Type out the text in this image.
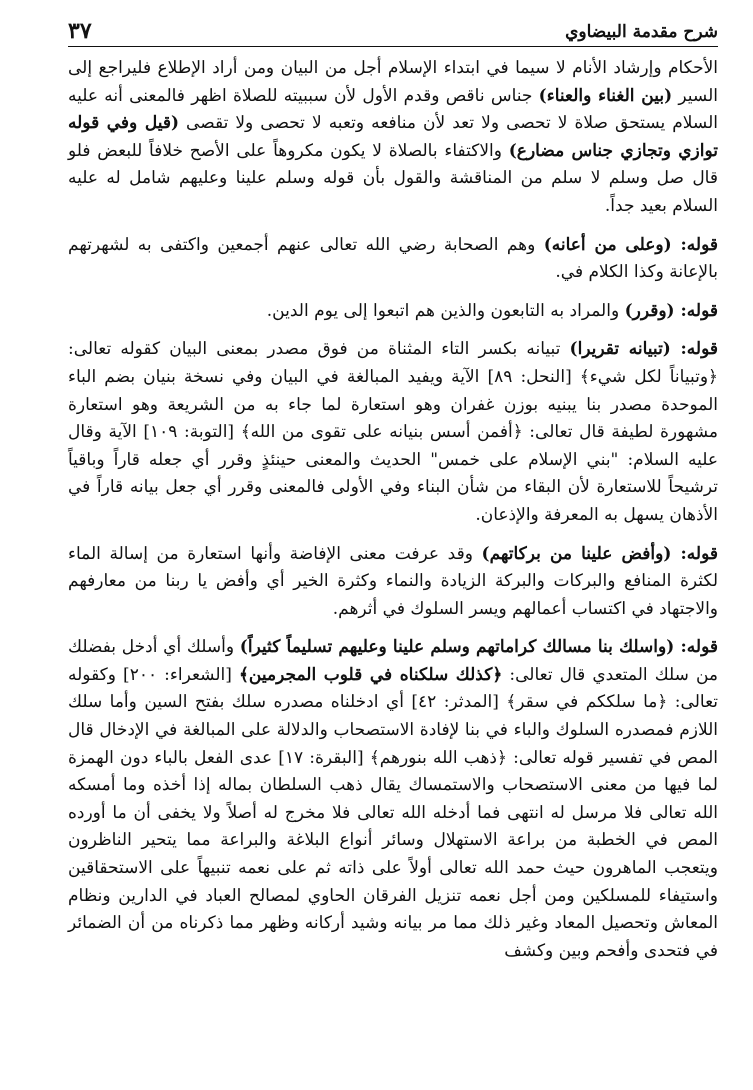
شرح مقدمة البيضاوي
٣٧

الأحكام وإرشاد الأنام لا سيما في ابتداء الإسلام أجل من البيان ومن أراد الإطلاع فليراجع إلى السير (بين الغناء والعناء) جناس ناقص وقدم الأول لأن سببيته للصلاة اظهر فالمعنى أنه عليه السلام يستحق صلاة لا تحصى ولا تعد لأن منافعه وتعبه لا تحصى ولا تقصى (قيل وفي قوله توازي وتجازي جناس مضارع) والاكتفاء بالصلاة لا يكون مكروهاً على الأصح خلافاً للبعض فلو قال صل وسلم لا سلم من المناقشة والقول بأن قوله وسلم علينا وعليهم شامل له عليه السلام بعيد جداً.

قوله: (وعلى من أعانه) وهم الصحابة رضي الله تعالى عنهم أجمعين واكتفى به لشهرتهم بالإعانة وكذا الكلام في.

قوله: (وقرر) والمراد به التابعون والذين هم اتبعوا إلى يوم الدين.

قوله: (تبيانه تقريرا) تبيانه بكسر التاء المثناة من فوق مصدر بمعنى البيان كقوله تعالى: ﴿وتبياناً لكل شيء﴾ [النحل: ٨٩] الآية ويفيد المبالغة في البيان وفي نسخة بنيان بضم الباء الموحدة مصدر بنا يبنيه بوزن غفران وهو استعارة لما جاء به من الشريعة وهو استعارة مشهورة لطيفة قال تعالى: ﴿أفمن أسس بنيانه على تقوى من الله﴾ [التوبة: ١٠٩] الآية وقال عليه السلام: "بني الإسلام على خمس" الحديث والمعنى حينئذٍ وقرر أي جعله قاراً وباقياً ترشيحاً للاستعارة لأن البقاء من شأن البناء وفي الأولى فالمعنى وقرر أي جعل بيانه قاراً في الأذهان يسهل به المعرفة والإذعان.

قوله: (وأفض علينا من بركاتهم) وقد عرفت معنى الإفاضة وأنها استعارة من إسالة الماء لكثرة المنافع والبركات والبركة الزيادة والنماء وكثرة الخير أي وأفض يا ربنا من معارفهم والاجتهاد في اكتساب أعمالهم ويسر السلوك في أثرهم.

قوله: (واسلك بنا مسالك كراماتهم وسلم علينا وعليهم تسليماً كثيراً) وأسلك أي أدخل بفضلك من سلك المتعدي قال تعالى: ﴿كذلك سلكناه في قلوب المجرمين﴾ [الشعراء: ٢٠٠] وكقوله تعالى: ﴿ما سلككم في سقر﴾ [المدثر: ٤٢] أي ادخلناه مصدره سلك بفتح السين وأما سلك اللازم فمصدره السلوك والباء في بنا لإفادة الاستصحاب والدلالة على المبالغة في الإدخال قال المص في تفسير قوله تعالى: ﴿ذهب الله بنورهم﴾ [البقرة: ١٧] عدى الفعل بالباء دون الهمزة لما فيها من معنى الاستصحاب والاستمساك يقال ذهب السلطان بماله إذا أخذه وما أمسكه الله تعالى فلا مرسل له انتهى فما أدخله الله تعالى فلا مخرج له أصلاً ولا يخفى أن ما أورده المص في الخطبة من براعة الاستهلال وسائر أنواع البلاغة والبراعة مما يتحير الناظرون ويتعجب الماهرون حيث حمد الله تعالى أولاً على ذاته ثم على نعمه تنبيهاً على الاستحقاقين واستيفاء للمسلكين ومن أجل نعمه تنزيل الفرقان الحاوي لمصالح العباد في الدارين ونظام المعاش وتحصيل المعاد وغير ذلك مما مر بيانه وشيد أركانه وظهر مما ذكرناه من أن الضمائر في فتحدى وأفحم وبين وكشف
